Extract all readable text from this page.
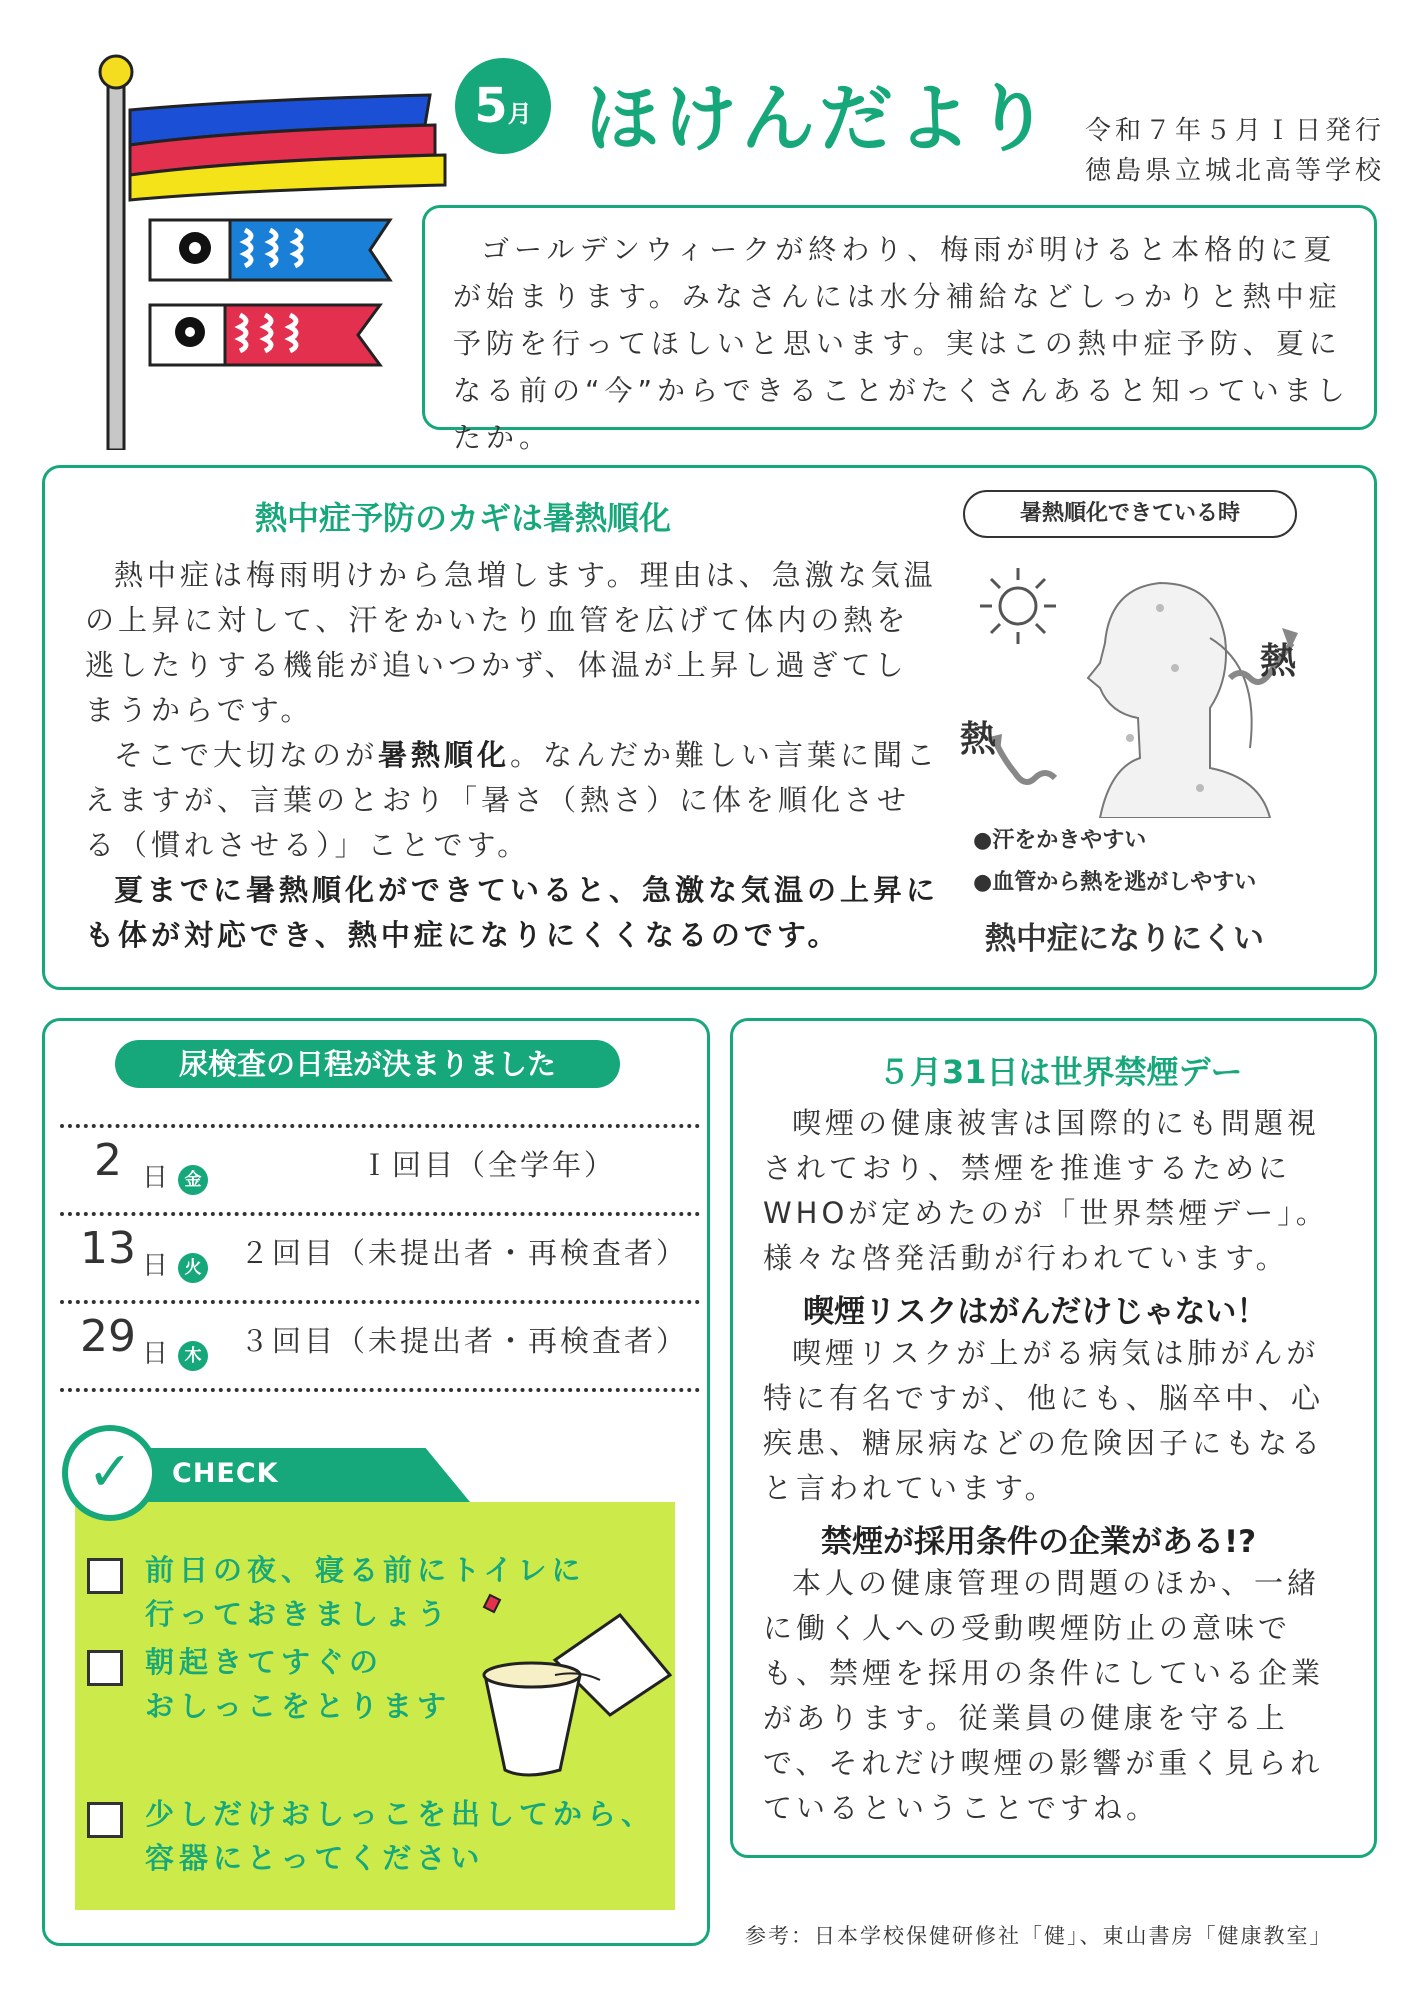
5月 ほけんだより 令和７年５月Ｉ日発行
徳島県立城北高等学校

ゴールデンウィークが終わり、梅雨が明けると本格的に夏が始まります。みなさんには水分補給などしっかりと熱中症予防を行ってほしいと思います。実はこの熱中症予防、夏になる前の“今”からできることがたくさんあると知っていましたか。

熱中症予防のカギは暑熱順化

熱中症は梅雨明けから急増します。理由は、急激な気温の上昇に対して、汗をかいたり血管を広げて体内の熱を逃したりする機能が追いつかず、体温が上昇し過ぎてしまうからです。

そこで大切なのが暑熱順化。なんだか難しい言葉に聞こえますが、言葉のとおり「暑さ（熱さ）に体を順化させる（慣れさせる）」ことです。

夏までに暑熱順化ができていると、急激な気温の上昇にも体が対応でき、熱中症になりにくくなるのです。

暑熱順化できている時
熱
熱
●汗をかきやすい
●血管から熱を逃がしやすい
熱中症になりにくい
尿検査の日程が決まりました
2 日 金	Ｉ回目（全学年）
13 日 火 ２回目（未提出者・再検査者）
29 日 木 ３回目（未提出者・再検査者）
CHECK
✓
前日の夜、寝る前にトイレに
行っておきましょう
朝起きてすぐの
おしっこをとります
少しだけおしっこを出してから、
容器にとってください
５月31日は世界禁煙デー

喫煙の健康被害は国際的にも問題視されており、禁煙を推進するためにWHOが定めたのが「世界禁煙デー」。様々な啓発活動が行われています。

喫煙リスクはがんだけじゃない！

喫煙リスクが上がる病気は肺がんが特に有名ですが、他にも、脳卒中、心疾患、糖尿病などの危険因子にもなると言われています。

禁煙が採用条件の企業がある!?

本人の健康管理の問題のほか、一緒に働く人への受動喫煙防止の意味でも、禁煙を採用の条件にしている企業があります。従業員の健康を守る上で、それだけ喫煙の影響が重く見られているということですね。

参考：日本学校保健研修社「健」、東山書房「健康教室」
